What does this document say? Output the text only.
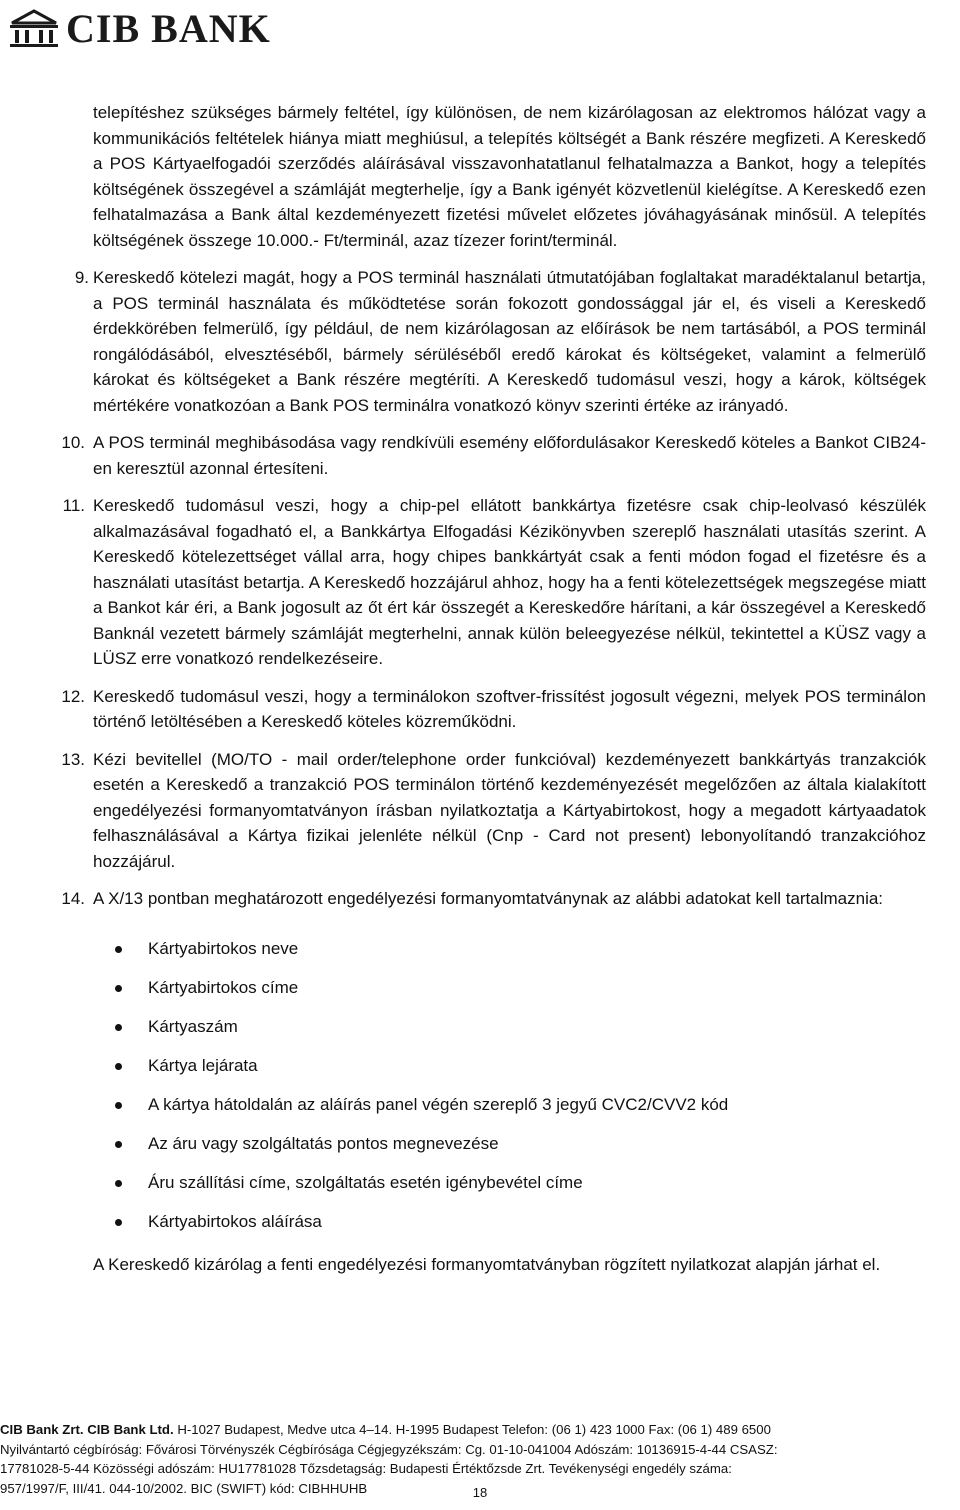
CIB BANK

telepítéshez szükséges bármely feltétel, így különösen, de nem kizárólagosan az elektromos hálózat vagy a kommunikációs feltételek hiánya miatt meghiúsul, a telepítés költségét a Bank részére megfizeti. A Kereskedő a POS Kártyaelfogadói szerződés aláírásával visszavonhatatlanul felhatalmazza a Bankot, hogy a telepítés költségének összegével a számláját megterhelje, így a Bank igényét közvetlenül kielégítse. A Kereskedő ezen felhatalmazása a Bank által kezdeményezett fizetési művelet előzetes jóváhagyásának minősül. A telepítés költségének összege 10.000.- Ft/terminál, azaz tízezer forint/terminál.

9. Kereskedő kötelezi magát, hogy a POS terminál használati útmutatójában foglaltakat maradéktalanul betartja, a POS terminál használata és működtetése során fokozott gondossággal jár el, és viseli a Kereskedő érdekkörében felmerülő, így például, de nem kizárólagosan az előírások be nem tartásából, a POS terminál rongálódásából, elvesztéséből, bármely sérüléséből eredő károkat és költségeket, valamint a felmerülő károkat és költségeket a Bank részére megtéríti. A Kereskedő tudomásul veszi, hogy a károk, költségek mértékére vonatkozóan a Bank POS terminálra vonatkozó könyv szerinti értéke az irányadó.
10. A POS terminál meghibásodása vagy rendkívüli esemény előfordulásakor Kereskedő köteles a Bankot CIB24-en keresztül azonnal értesíteni.
11. Kereskedő tudomásul veszi, hogy a chip-pel ellátott bankkártya fizetésre csak chip-leolvasó készülék alkalmazásával fogadható el, a Bankkártya Elfogadási Kézikönyvben szereplő használati utasítás szerint. A Kereskedő kötelezettséget vállal arra, hogy chipes bankkártyát csak a fenti módon fogad el fizetésre és a használati utasítást betartja. A Kereskedő hozzájárul ahhoz, hogy ha a fenti kötelezettségek megszegése miatt a Bankot kár éri, a Bank jogosult az őt ért kár összegét a Kereskedőre hárítani, a kár összegével a Kereskedő Banknál vezetett bármely számláját megterhelni, annak külön beleegyezése nélkül, tekintettel a KÜSZ vagy a LÜSZ erre vonatkozó rendelkezéseire.
12. Kereskedő tudomásul veszi, hogy a terminálokon szoftver-frissítést jogosult végezni, melyek POS terminálon történő letöltésében a Kereskedő köteles közreműködni.
13. Kézi bevitellel (MO/TO - mail order/telephone order funkcióval) kezdeményezett bankkártyás tranzakciók esetén a Kereskedő a tranzakció POS terminálon történő kezdeményezését megelőzően az általa kialakított engedélyezési formanyomtatványon írásban nyilatkoztatja a Kártyabirtokost, hogy a megadott kártyaadatok felhasználásával a Kártya fizikai jelenléte nélkül (Cnp - Card not present) lebonyolítandó tranzakcióhoz hozzájárul.
14. A X/13 pontban meghatározott engedélyezési formanyomtatványnak az alábbi adatokat kell tartalmaznia:
Kártyabirtokos neve
Kártyabirtokos címe
Kártyaszám
Kártya lejárata
A kártya hátoldalán az aláírás panel végén szereplő 3 jegyű CVC2/CVV2 kód
Az áru vagy szolgáltatás pontos megnevezése
Áru szállítási címe, szolgáltatás esetén igénybevétel címe
Kártyabirtokos aláírása

A Kereskedő kizárólag a fenti engedélyezési formanyomtatványban rögzített nyilatkozat alapján járhat el.

CIB Bank Zrt. CIB Bank Ltd. H-1027 Budapest, Medve utca 4–14. H-1995 Budapest Telefon: (06 1) 423 1000 Fax: (06 1) 489 6500
Nyilvántartó cégbíróság: Fővárosi Törvényszék Cégbírósága Cégjegyzékszám: Cg. 01-10-041004 Adószám: 10136915-4-44 CSASZ:
17781028-5-44 Közösségi adószám: HU17781028 Tőzsdetagság: Budapesti Értéktőzsde Zrt. Tevékenységi engedély száma:
957/1997/F, III/41. 044-10/2002. BIC (SWIFT) kód: CIBHHUHB	18
